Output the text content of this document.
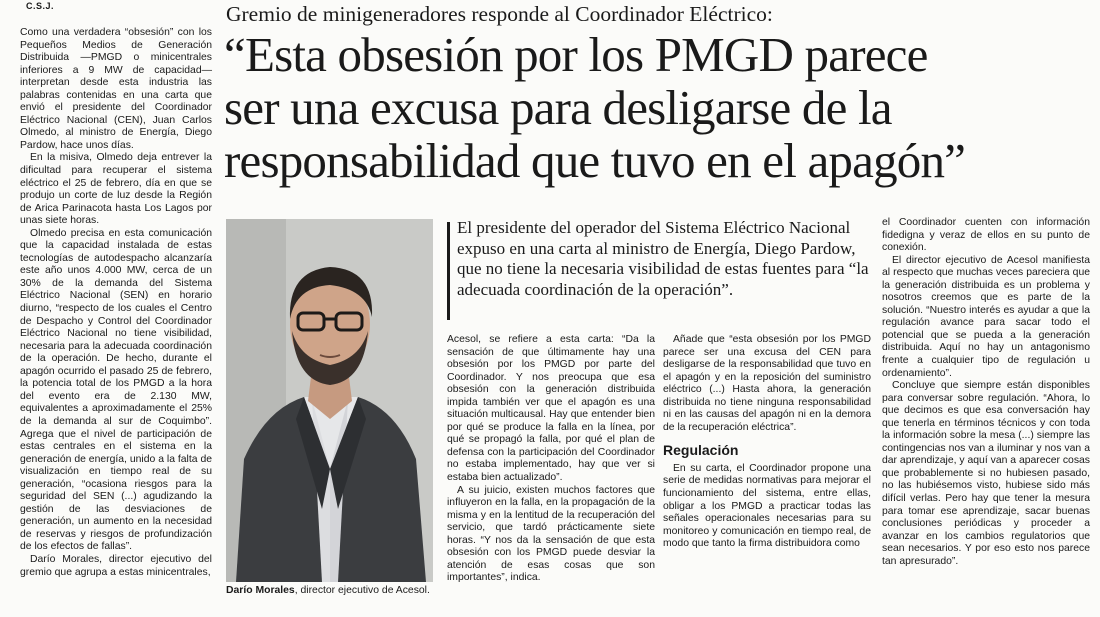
C.S.J.	Gremio de minigeneradores responde al Coordinador Eléctrico:
“Esta obsesión por los PMGD parece
ser una excusa para desligarse de la
responsabilidad que tuvo en el apagón”

Como una verdadera “obsesión” con los Pequeños Medios de Generación Distribuida —PMGD o minicentrales inferiores a 9 MW de capacidad— interpretan desde esta industria las palabras contenidas en una carta que envió el presidente del Coordinador Eléctrico Nacional (CEN), Juan Carlos Olmedo, al ministro de Energía, Diego Pardow, hace unos días.

En la misiva, Olmedo deja entrever la dificultad para recuperar el sistema eléctrico el 25 de febrero, día en que se produjo un corte de luz desde la Región de Arica Parinacota hasta Los Lagos por unas siete horas.

Olmedo precisa en esta comunicación que la capacidad instalada de estas tecnologías de autodespacho alcanzaría este año unos 4.000 MW, cerca de un 30% de la demanda del Sistema Eléctrico Nacional (SEN) en horario diurno, “respecto de los cuales el Centro de Despacho y Control del Coordinador Eléctrico Nacional no tiene visibilidad, necesaria para la adecuada coordinación de la operación. De hecho, durante el apagón ocurrido el pasado 25 de febrero, la potencia total de los PMGD a la hora del evento era de 2.130 MW, equivalentes a aproximadamente el 25% de la demanda al sur de Coquimbo”. Agrega que el nivel de participación de estas centrales en el sistema en la generación de energía, unido a la falta de visualización en tiempo real de su generación, “ocasiona riesgos para la seguridad del SEN (...) agudizando la gestión de las desviaciones de generación, un aumento en la necesidad de reservas y riesgos de profundización de los efectos de fallas”.

Darío Morales, director ejecutivo del gremio que agrupa a estas minicentrales,

Darío Morales, director ejecutivo de Acesol.
El presidente del operador del Sistema Eléctrico Nacional expuso en una carta al ministro de Energía, Diego Pardow, que no tiene la necesaria visibilidad de estas fuentes para “la adecuada coordinación de la operación”.

Acesol, se refiere a esta carta: “Da la sensación de que últimamente hay una obsesión por los PMGD por parte del Coordinador. Y nos preocupa que esa obsesión con la generación distribuida impida también ver que el apagón es una situación multicausal. Hay que entender bien por qué se produce la falla en la línea, por qué se propagó la falla, por qué el plan de defensa con la participación del Coordinador no estaba implementado, hay que ver si estaba bien actualizado”.

A su juicio, existen muchos factores que influyeron en la falla, en la propagación de la misma y en la lentitud de la recuperación del servicio, que tardó prácticamente siete horas. “Y nos da la sensación de que esta obsesión con los PMGD puede desviar la atención de esas cosas que son importantes”, indica.

Añade que “esta obsesión por los PMGD parece ser una excusa del CEN para desligarse de la responsabilidad que tuvo en el apagón y en la reposición del suministro eléctrico (...) Hasta ahora, la generación distribuida no tiene ninguna responsabilidad ni en las causas del apagón ni en la demora de la recuperación eléctrica”.

Regulación

En su carta, el Coordinador propone una serie de medidas normativas para mejorar el funcionamiento del sistema, entre ellas, obligar a los PMGD a practicar todas las señales operacionales necesarias para su monitoreo y comunicación en tiempo real, de modo que tanto la firma distribuidora como

el Coordinador cuenten con información fidedigna y veraz de ellos en su punto de conexión.

El director ejecutivo de Acesol manifiesta al respecto que muchas veces pareciera que la generación distribuida es un problema y nosotros creemos que es parte de la solución. “Nuestro interés es ayudar a que la regulación avance para sacar todo el potencial que se pueda a la generación distribuida. Aquí no hay un antagonismo frente a cualquier tipo de regulación u ordenamiento”.

Concluye que siempre están disponibles para conversar sobre regulación. “Ahora, lo que decimos es que esa conversación hay que tenerla en términos técnicos y con toda la información sobre la mesa (...) siempre las contingencias nos van a iluminar y nos van a dar aprendizaje, y aquí van a aparecer cosas que probablemente si no hubiesen pasado, no las hubiésemos visto, hubiese sido más difícil verlas. Pero hay que tener la mesura para tomar ese aprendizaje, sacar buenas conclusiones periódicas y proceder a avanzar en los cambios regulatorios que sean necesarios. Y por eso esto nos parece tan apresurado”.
